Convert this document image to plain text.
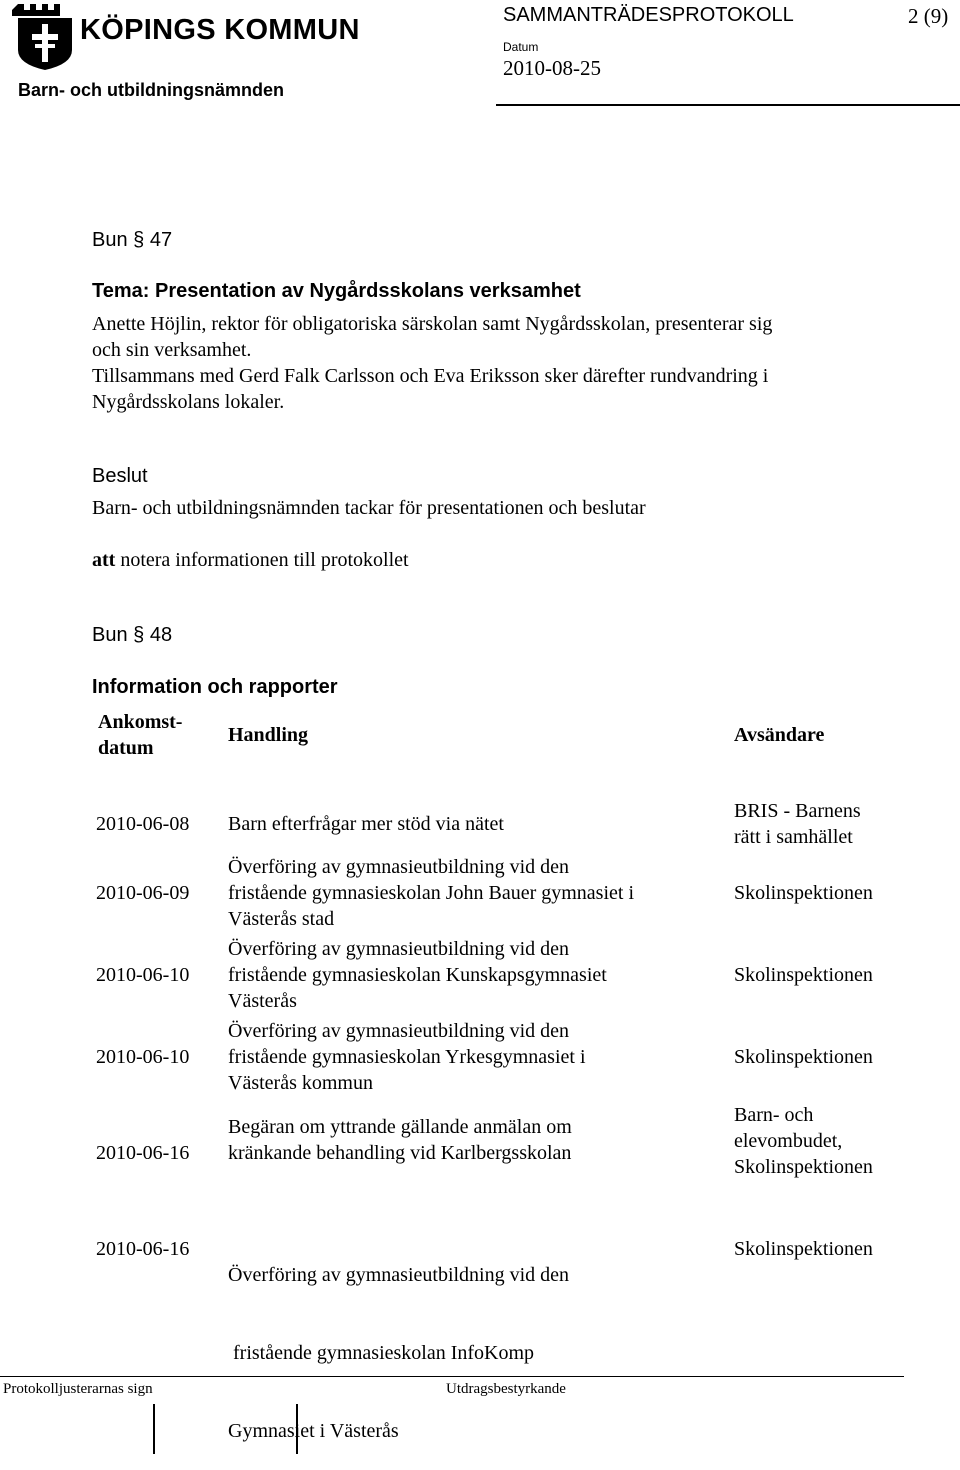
KÖPINGS KOMMUN	SAMMANTRÄDESPROTOKOLL	2 (9)
Datum
2010-08-25
Barn- och utbildningsnämnden
Bun § 47
Tema: Presentation av Nygårdsskolans verksamhet
Anette Höjlin, rektor för obligatoriska särskolan samt Nygårdsskolan, presenterar sig
och sin verksamhet.
Tillsammans med Gerd Falk Carlsson och Eva Eriksson sker därefter rundvandring i
Nygårdsskolans lokaler.
Beslut
Barn- och utbildningsnämnden tackar för presentationen och beslutar
att notera informationen till protokollet
Bun § 48
Information och rapporter
Ankomst-
datum
Handling	Avsändare
2010-06-08 Barn efterfrågar mer stöd via nätet
BRIS - Barnens
rätt i samhället
2010-06-09
Överföring av gymnasieutbildning vid den
fristående gymnasieskolan John Bauer gymnasiet i
Västerås stad
Skolinspektionen
2010-06-10
Överföring av gymnasieutbildning vid den
fristående gymnasieskolan Kunskapsgymnasiet
Västerås
Skolinspektionen
2010-06-10
Överföring av gymnasieutbildning vid den
fristående gymnasieskolan Yrkesgymnasiet i
Västerås kommun
Skolinspektionen
2010-06-16
Begäran om yttrande gällande anmälan om
kränkande behandling vid Karlbergsskolan
Barn- och
elevombudet,
Skolinspektionen
2010-06-16

Överföring av gymnasieutbildning vid den

fristående gymnasieskolan InfoKomp

Gymnasiet i Västerås

Skolinspektionen
Protokolljusterarnas sign	Utdragsbestyrkande
